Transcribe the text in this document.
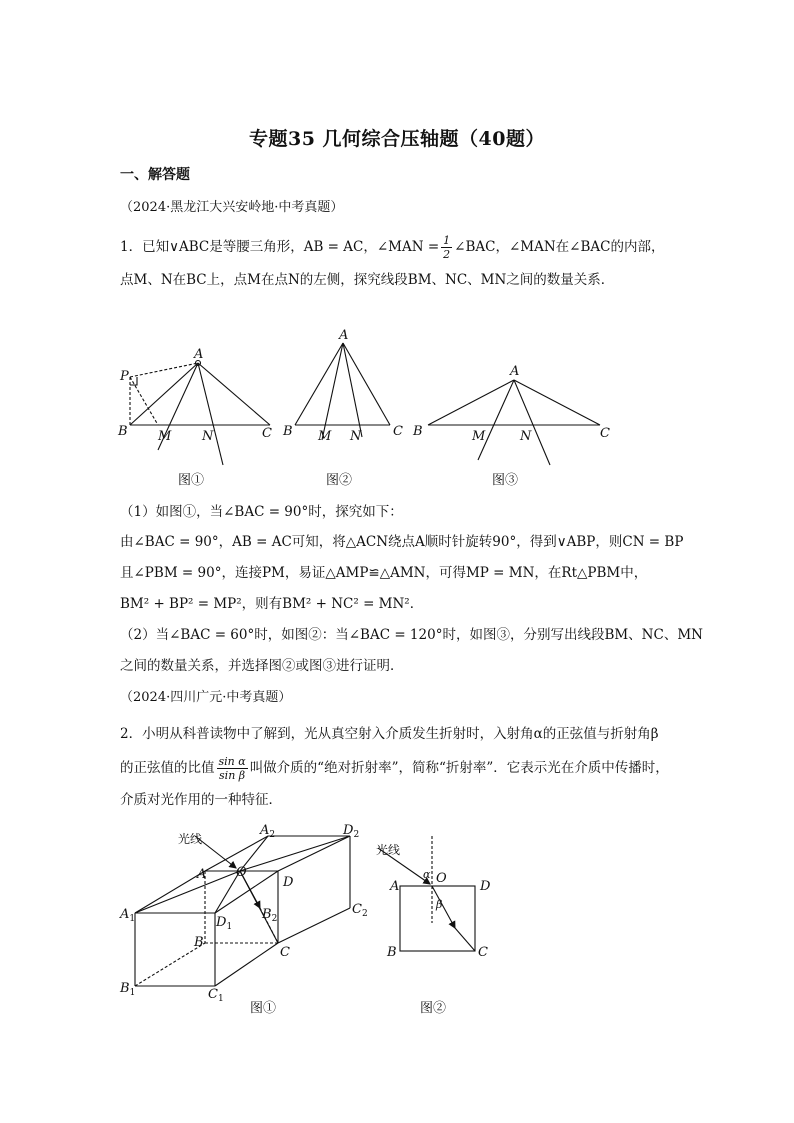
专题35 几何综合压轴题（40题）
一、解答题
（2024·黑龙江大兴安岭地·中考真题）
1．已知∨ABC是等腰三角形，AB = AC，∠MAN = $\frac{1}{2}$ ∠BAC，∠MAN在∠BAC的内部，
点M、N在BC上，点M在点N的左侧，探究线段BM、NC、MN之间的数量关系．
A
B	C
M N
P
图①
A
B	C
M N
图②
A
B	C
M	N
图③
（1）如图①，当∠BAC = 90°时，探究如下：
由∠BAC = 90°，AB = AC可知，将△ACN绕点A顺时针旋转90°，得到∨ABP，则CN = BP
且∠PBM = 90°，连接PM，易证△AMP≌△AMN，可得MP = MN，在Rt△PBM中，
BM² + BP² = MP²，则有BM² + NC² = MN²．
（2）当∠BAC = 60°时，如图②：当∠BAC = 120°时，如图③，分别写出线段BM、NC、MN
之间的数量关系，并选择图②或图③进行证明．
（2024·四川广元·中考真题）
2．小明从科普读物中了解到，光从真空射入介质发生折射时，入射角α的正弦值与折射角β
的正弦值的比值 $\frac{\text{sin α}}{\text{sin β}}$ 叫做介质的“绝对折射率”，简称“折射率”．它表示光在介质中传播时，
介质对光作用的一种特征．
光线
A
$A_2$	$D_2$
O
D
$A_1$	$D_1$
$B_2$
$C_2$
B
C
$B_1$	$C_1$
图①
光线
A	D
B	C
O
α
β
图②
